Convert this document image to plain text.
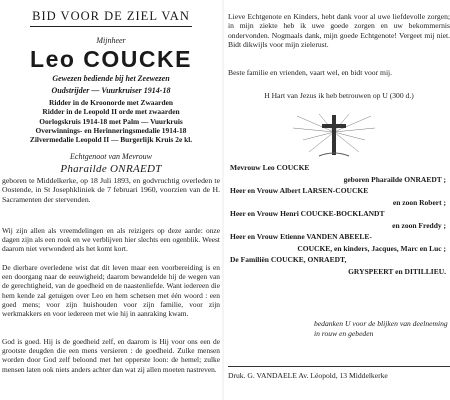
BID VOOR DE ZIEL VAN
Mijnheer
Leo COUCKE
Gewezen bediende bij het Zeewezen
Oudstrijder — Vuurkruiser 1914-18
Ridder in de Kroonorde met Zwaarden
Ridder in de Leopold II orde met zwaarden
Oorlogskruis 1914-18 met Palm — Vuurkruis
Overwinnings- en Herinneringsmedalie 1914-18
Zilvermedalie Leopold II — Burgerlijk Kruis 2e kl.
Echtgenoot van Mevrouw
Pharailde ONRAEDT
geboren te Middelkerke, op 18 Juli 1893, en godvruchtig overleden te Oostende, in St Josephkliniek de 7 februari 1960, voorzien van de H. Sacramenten der stervenden.
Wij zijn allen als vreemdelingen en als reizigers op deze aarde: onze dagen zijn als een rook en we verblijven hier slechts een ogenblik. Weest daarom niet verwonderd als het komt kort.
De dierbare overledene wist dat dit leven maar een voorbereiding is en een doorgang naar de eeuwigheid; daarom bewandelde hij de wegen van de gerechtigheid, van de goedheid en de naastenliefde. Want iedereen die hem kende zal getuigen over Leo en hem schetsen met één woord : een goed mens; voor zijn huishouden voor zijn familie, voor zijn werkmakkers en voor iedereen met wie hij in aanraking kwam.
God is goed. Hij is de goedheid zelf, en daarom is Hij voor ons een de grootste deugden die een mens versieren : de goedheid. Zulke mensen worden door God zelf beloond met het opperste loon: de hemel; zulke mensen laten ook niets anders achter dan wat zij allen moeten nastreven.
Lieve Echtgenote en Kinders, hebt dank voor al uwe liefdevolle zorgen; in mijn ziekte heb ik uwe goede zorgen en uw bekommernis ondervonden. Nogmaals dank, mijn goede Echtgenote! Vergeet mij niet. Bidt dikwijls voor mijn zielerust.
Beste familie en vrienden, vaart wel, en bidt voor mij.
H Hart van Jezus ik heb betrouwen op U (300 d.)
Mevrouw Leo COUCKE
geboren Pharailde ONRAEDT ;
Heer en Vrouw Albert LARSEN-COUCKE
en zoon Robert ;
Heer en Vrouw Henri COUCKE-BOCKLANDT
en zoon Freddy ;
Heer en Vrouw Etienne VANDEN ABEELE-
COUCKE, en kinders, Jacques, Marc en Luc ;
De Familiën COUCKE, ONRAEDT,
GRYSPEERT en DITILLIEU.
bedanken U voor de blijken van deelneming in rouw en gebeden
Druk. G. VANDAELE Av. Léopold, 13 Middelkerke
